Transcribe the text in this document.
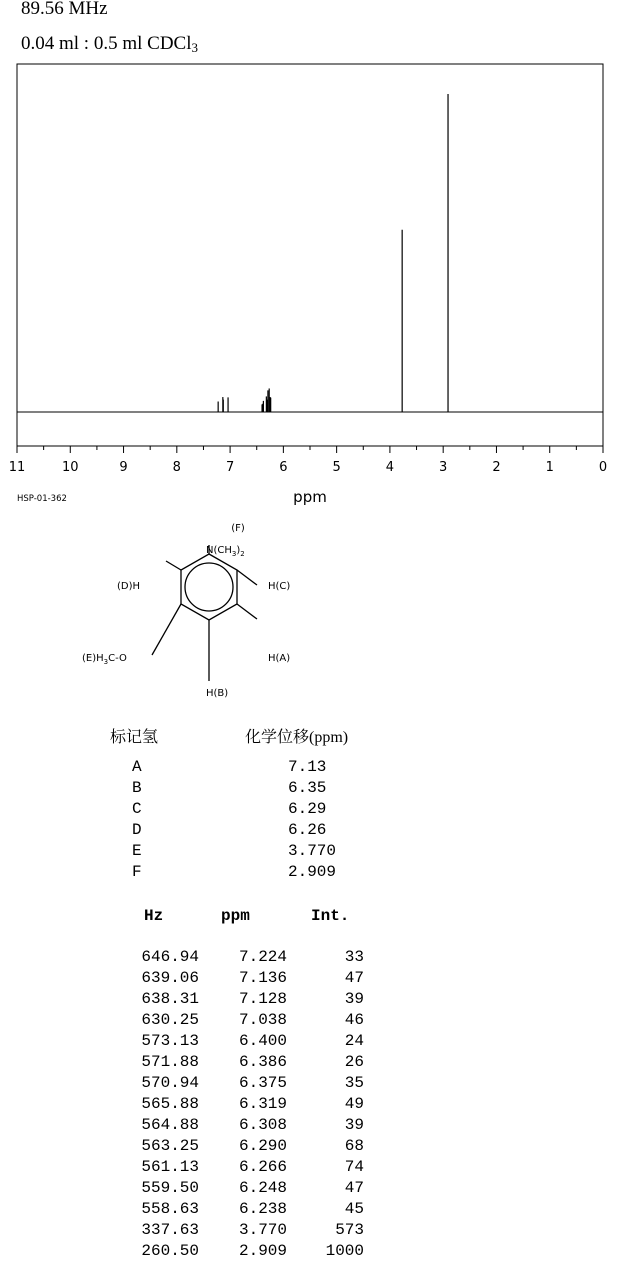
89.56 MHz
0.04 ml : 0.5 ml CDCl$_3$
11	10	9	8	7	6	5	4	3	2	1	0
ppm
HSP-01-362
(F)
$N(CH_3)_2$
(D)H	H(C)
$(E)H_3C-O$	H(A)
H(B)
标记氢	化学位移(ppm)
A	7.13
B	6.35
C	6.29
D	6.26
E	3.770
F	2.909
Hz	ppm	Int.
646.94	7.224	33
639.06	7.136	47
638.31	7.128	39
630.25	7.038	46
573.13	6.400	24
571.88	6.386	26
570.94	6.375	35
565.88	6.319	49
564.88	6.308	39
563.25	6.290	68
561.13	6.266	74
559.50	6.248	47
558.63	6.238	45
337.63	3.770	573
260.50	2.909	1000
